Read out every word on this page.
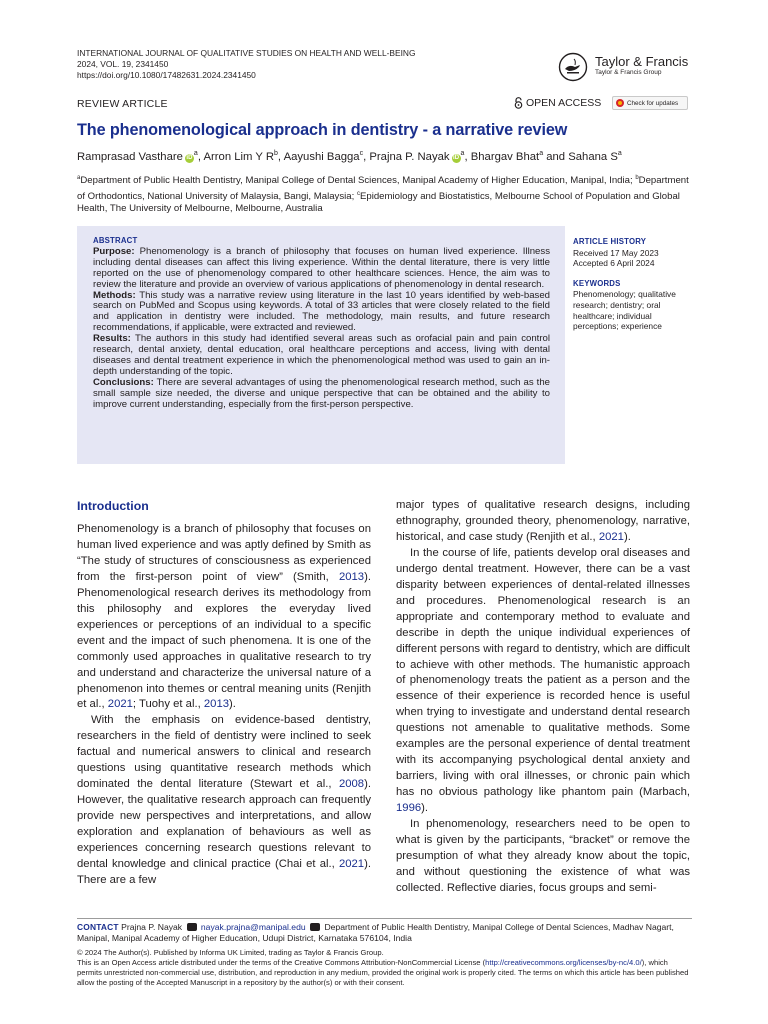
INTERNATIONAL JOURNAL OF QUALITATIVE STUDIES ON HEALTH AND WELL-BEING
2024, VOL. 19, 2341450
https://doi.org/10.1080/17482631.2024.2341450
Taylor & Francis
Taylor & Francis Group
REVIEW ARTICLE	OPEN ACCESS	Check for updates
The phenomenological approach in dentistry - a narrative review
Ramprasad Vasthare $iD^a$, Arron Lim Y $R^b$, Aayushi Bagga$^c$, Prajna P. Nayak $iD^a$, Bhargav Bhat$^a$ and Sahana $S^a$
$^a$Department of Public Health Dentistry, Manipal College of Dental Sciences, Manipal Academy of Higher Education, Manipal, India; $^b$Department of Orthodontics, National University of Malaysia, Bangi, Malaysia; $^c$Epidemiology and Biostatistics, Melbourne School of Population and Global Health, The University of Melbourne, Melbourne, Australia
ABSTRACT
Purpose: Phenomenology is a branch of philosophy that focuses on human lived experience. Illness including dental diseases can affect this living experience. Within the dental literature, there is very little reported on the use of phenomenology compared to other healthcare sciences. Hence, the aim was to review the literature and provide an overview of various applications of phenomenology in dental research.
Methods: This study was a narrative review using literature in the last 10 years identified by web-based search on PubMed and Scopus using keywords. A total of 33 articles that were closely related to the field and application in dentistry were included. The methodology, main results, and future research recommendations, if applicable, were extracted and reviewed.
Results: The authors in this study had identified several areas such as orofacial pain and pain control research, dental anxiety, dental education, oral healthcare perceptions and access, living with dental diseases and dental treatment experience in which the phenomenological method was used to gain an in-depth understanding of the topic.
Conclusions: There are several advantages of using the phenomenological research method, such as the small sample size needed, the diverse and unique perspective that can be obtained and the ability to improve current understanding, especially from the first-person perspective.
ARTICLE HISTORY
Received 17 May 2023
Accepted 6 April 2024
KEYWORDS
Phenomenology; qualitative research; dentistry; oral healthcare; individual perceptions; experience
Introduction

Phenomenology is a branch of philosophy that focuses on human lived experience and was aptly defined by Smith as “The study of structures of consciousness as experienced from the first-person point of view” (Smith, 2013). Phenomenological research derives its methodology from this philosophy and explores the everyday lived experiences or perceptions of an individual to a specific event and the impact of such phenomena. It is one of the commonly used approaches in qualitative research to try and understand and characterize the universal nature of a phenomenon into themes or central meaning units (Renjith et al., 2021; Tuohy et al., 2013).

With the emphasis on evidence-based dentistry, researchers in the field of dentistry were inclined to seek factual and numerical answers to clinical and research questions using quantitative research methods which dominated the dental literature (Stewart et al., 2008). However, the qualitative research approach can frequently provide new perspectives and interpretations, and allow exploration and explanation of behaviours as well as experiences concerning research questions relevant to dental knowledge and clinical practice (Chai et al., 2021). There are a few

major types of qualitative research designs, including ethnography, grounded theory, phenomenology, narrative, historical, and case study (Renjith et al., 2021).

In the course of life, patients develop oral diseases and undergo dental treatment. However, there can be a vast disparity between experiences of dental-related illnesses and procedures. Phenomenological research is an appropriate and contemporary method to evaluate and describe in depth the unique individual experiences of different persons with regard to dentistry, which are difficult to achieve with other methods. The humanistic approach of phenomenology treats the patient as a person and the essence of their experience is recorded hence is useful when trying to investigate and understand dental research questions not amenable to qualitative methods. Some examples are the personal experience of dental treatment with its accompanying psychological dental anxiety and barriers, living with oral illnesses, or chronic pain which has no obvious pathology like phantom pain (Marbach, 1996).

In phenomenology, researchers need to be open to what is given by the participants, “bracket” or remove the presumption of what they already know about the topic, and without questioning the existence of what was collected. Reflective diaries, focus groups and semi-

CONTACT Prajna P. Nayak nayak.prajna@manipal.edu Department of Public Health Dentistry, Manipal College of Dental Sciences, Madhav Nagart, Manipal, Manipal Academy of Higher Education, Udupi District, Karnataka 576104, India
© 2024 The Author(s). Published by Informa UK Limited, trading as Taylor & Francis Group.
This is an Open Access article distributed under the terms of the Creative Commons Attribution-NonCommercial License (http://creativecommons.org/licenses/by-nc/4.0/), which permits unrestricted non-commercial use, distribution, and reproduction in any medium, provided the original work is properly cited. The terms on which this article has been published allow the posting of the Accepted Manuscript in a repository by the author(s) or with their consent.
